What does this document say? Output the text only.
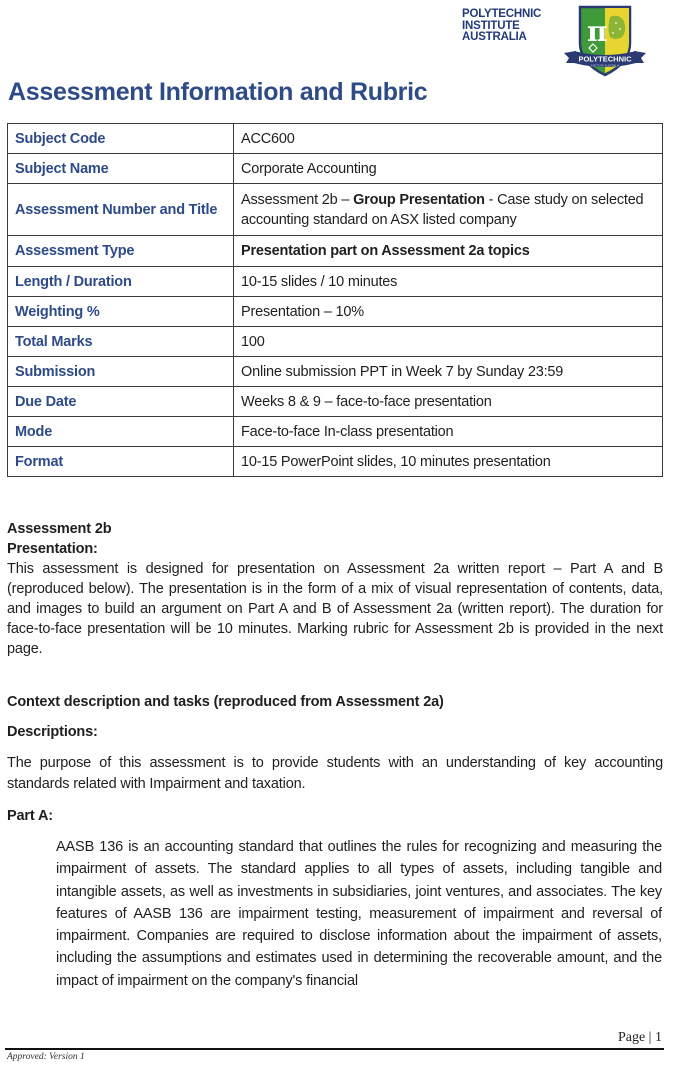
POLYTECHNIC
INSTITUTE
AUSTRALIA	π
POLYTECHNIC
INSTITUTE AUSTRALIA
Assessment Information and Rubric
Subject Code	ACC600
Subject Name	Corporate Accounting
Assessment Number and Title	Assessment 2b – Group Presentation - Case study on selected accounting standard on ASX listed company
Assessment Type	Presentation part on Assessment 2a topics
Length / Duration	10-15 slides / 10 minutes
Weighting %	Presentation – 10%
Total Marks	100
Submission	Online submission PPT in Week 7 by Sunday 23:59
Due Date	Weeks 8 & 9 – face-to-face presentation
Mode	Face-to-face In-class presentation
Format	10-15 PowerPoint slides, 10 minutes presentation
Assessment 2b
Presentation:
This assessment is designed for presentation on Assessment 2a written report – Part A and B (reproduced below). The presentation is in the form of a mix of visual representation of contents, data, and images to build an argument on Part A and B of Assessment 2a (written report). The duration for face-to-face presentation will be 10 minutes. Marking rubric for Assessment 2b is provided in the next page.
Context description and tasks (reproduced from Assessment 2a)
Descriptions:
The purpose of this assessment is to provide students with an understanding of key accounting standards related with Impairment and taxation.
Part A:
AASB 136 is an accounting standard that outlines the rules for recognizing and measuring the impairment of assets. The standard applies to all types of assets, including tangible and intangible assets, as well as investments in subsidiaries, joint ventures, and associates. The key features of AASB 136 are impairment testing, measurement of impairment and reversal of impairment. Companies are required to disclose information about the impairment of assets, including the assumptions and estimates used in determining the recoverable amount, and the impact of impairment on the company's financial
Page | 1
Approved: Version 1
